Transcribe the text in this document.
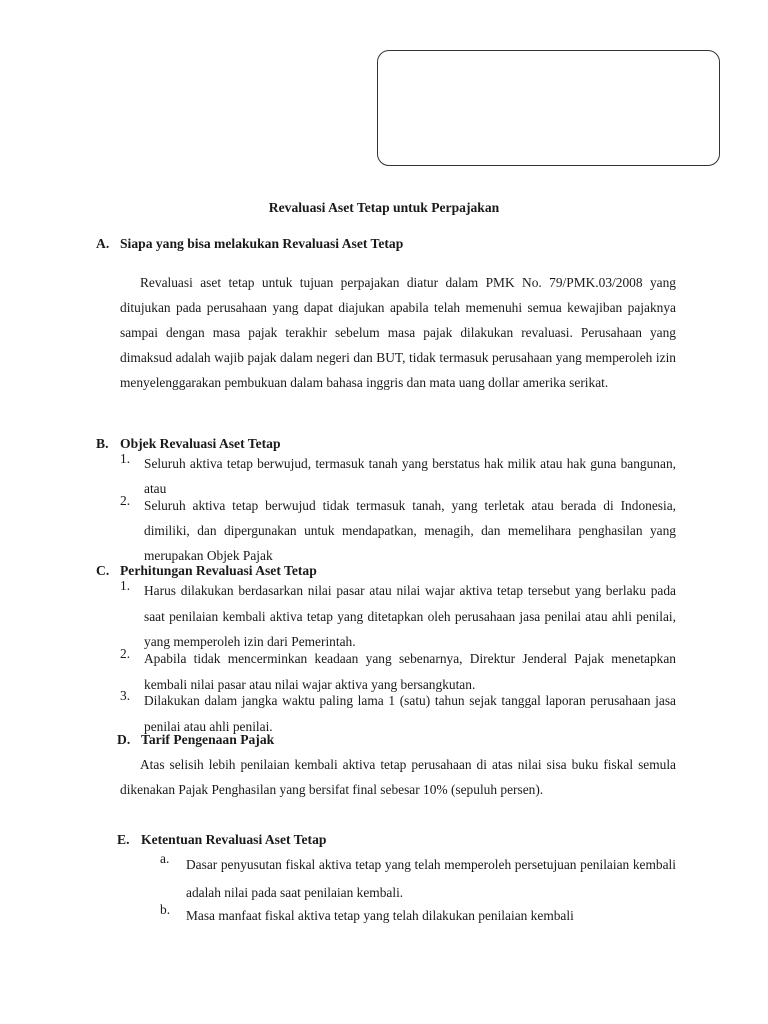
Revaluasi Aset Tetap untuk Perpajakan
A. Siapa yang bisa melakukan Revaluasi Aset Tetap

Revaluasi aset tetap untuk tujuan perpajakan diatur dalam PMK No. 79/PMK.03/2008 yang ditujukan pada perusahaan yang dapat diajukan apabila telah memenuhi semua kewajiban pajaknya sampai dengan masa pajak terakhir sebelum masa pajak dilakukan revaluasi. Perusahaan yang dimaksud adalah wajib pajak dalam negeri dan BUT, tidak termasuk perusahaan yang memperoleh izin menyelenggarakan pembukuan dalam bahasa inggris dan mata uang dollar amerika serikat.

B. Objek Revaluasi Aset Tetap
1. Seluruh aktiva tetap berwujud, termasuk tanah yang berstatus hak milik atau hak guna bangunan, atau
2. Seluruh aktiva tetap berwujud tidak termasuk tanah, yang terletak atau berada di Indonesia, dimiliki, dan dipergunakan untuk mendapatkan, menagih, dan memelihara penghasilan yang merupakan Objek Pajak
C. Perhitungan Revaluasi Aset Tetap
1. Harus dilakukan berdasarkan nilai pasar atau nilai wajar aktiva tetap tersebut yang berlaku pada saat penilaian kembali aktiva tetap yang ditetapkan oleh perusahaan jasa penilai atau ahli penilai, yang memperoleh izin dari Pemerintah.
2. Apabila tidak mencerminkan keadaan yang sebenarnya, Direktur Jenderal Pajak menetapkan kembali nilai pasar atau nilai wajar aktiva yang bersangkutan.
3. Dilakukan dalam jangka waktu paling lama 1 (satu) tahun sejak tanggal laporan perusahaan jasa penilai atau ahli penilai.
D. Tarif Pengenaan Pajak

Atas selisih lebih penilaian kembali aktiva tetap perusahaan di atas nilai sisa buku fiskal semula dikenakan Pajak Penghasilan yang bersifat final sebesar 10% (sepuluh persen).

E. Ketentuan Revaluasi Aset Tetap
a. Dasar penyusutan fiskal aktiva tetap yang telah memperoleh persetujuan penilaian kembali adalah nilai pada saat penilaian kembali.
b. Masa manfaat fiskal aktiva tetap yang telah dilakukan penilaian kembali
